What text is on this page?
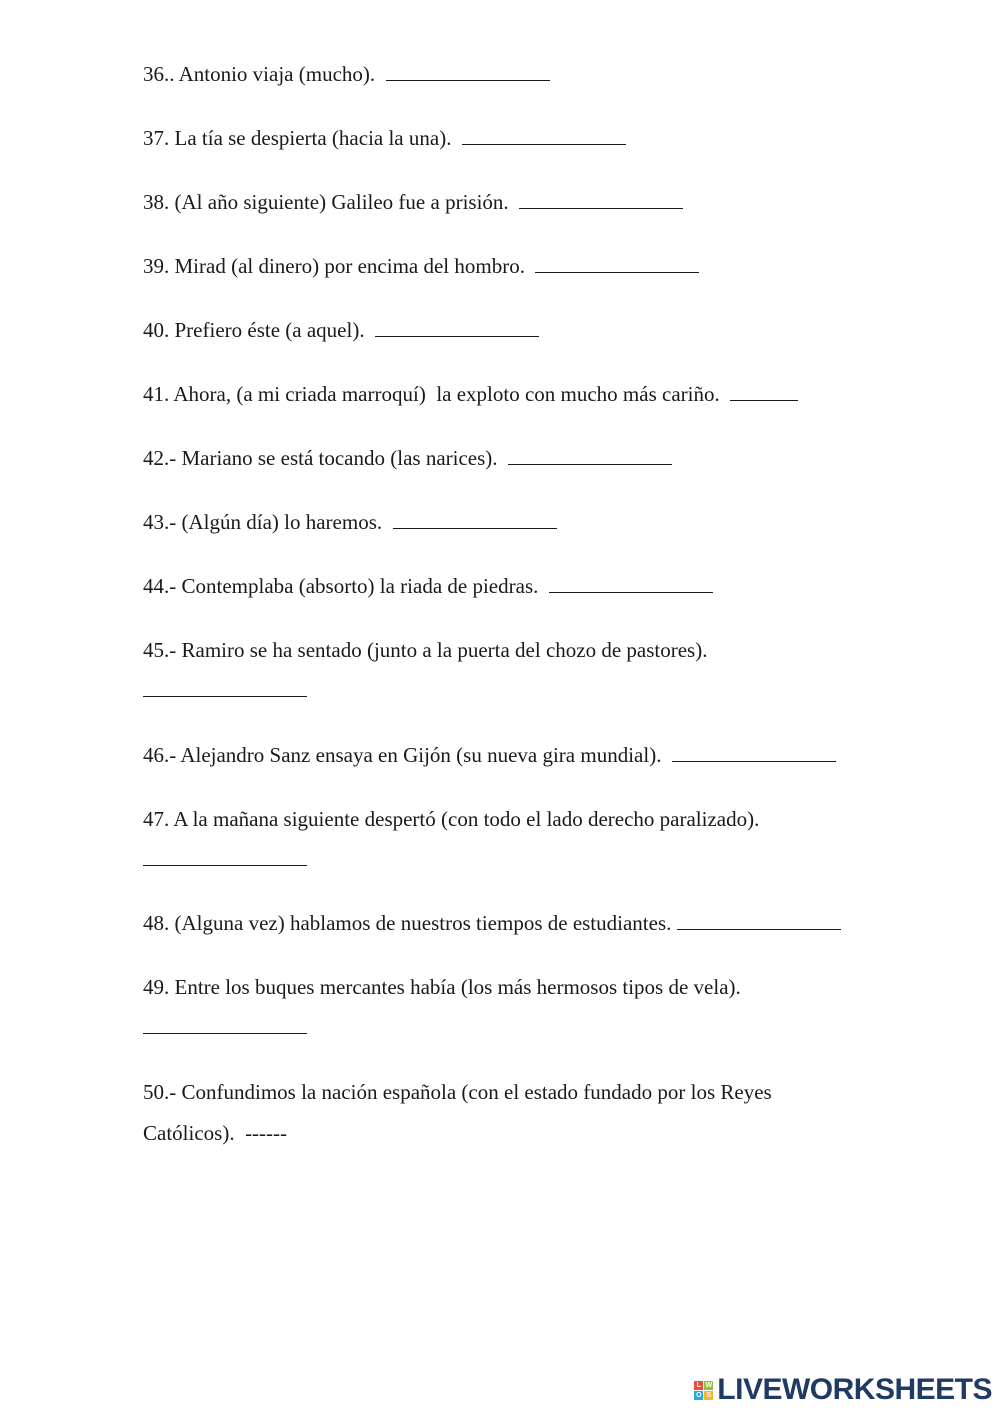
36.. Antonio viaja (mucho).
37. La tía se despierta (hacia la una).
38. (Al año siguiente) Galileo fue a prisión.
39. Mirad (al dinero) por encima del hombro.
40. Prefiero éste (a aquel).
41. Ahora, (a mi criada marroquí)  la exploto con mucho más cariño.
42.- Mariano se está tocando (las narices).
43.- (Algún día) lo haremos.
44.- Contemplaba (absorto) la riada de piedras.
45.- Ramiro se ha sentado (junto a la puerta del chozo de pastores).
46.- Alejandro Sanz ensaya en Gijón (su nueva gira mundial).
47. A la mañana siguiente despertó (con todo el lado derecho paralizado).
48. (Alguna vez) hablamos de nuestros tiempos de estudiantes.
49. Entre los buques mercantes había (los más hermosos tipos de vela).
50.- Confundimos la nación española (con el estado fundado por los Reyes
Católicos).  ------
L W
O S LIVEWORKSHEETS
